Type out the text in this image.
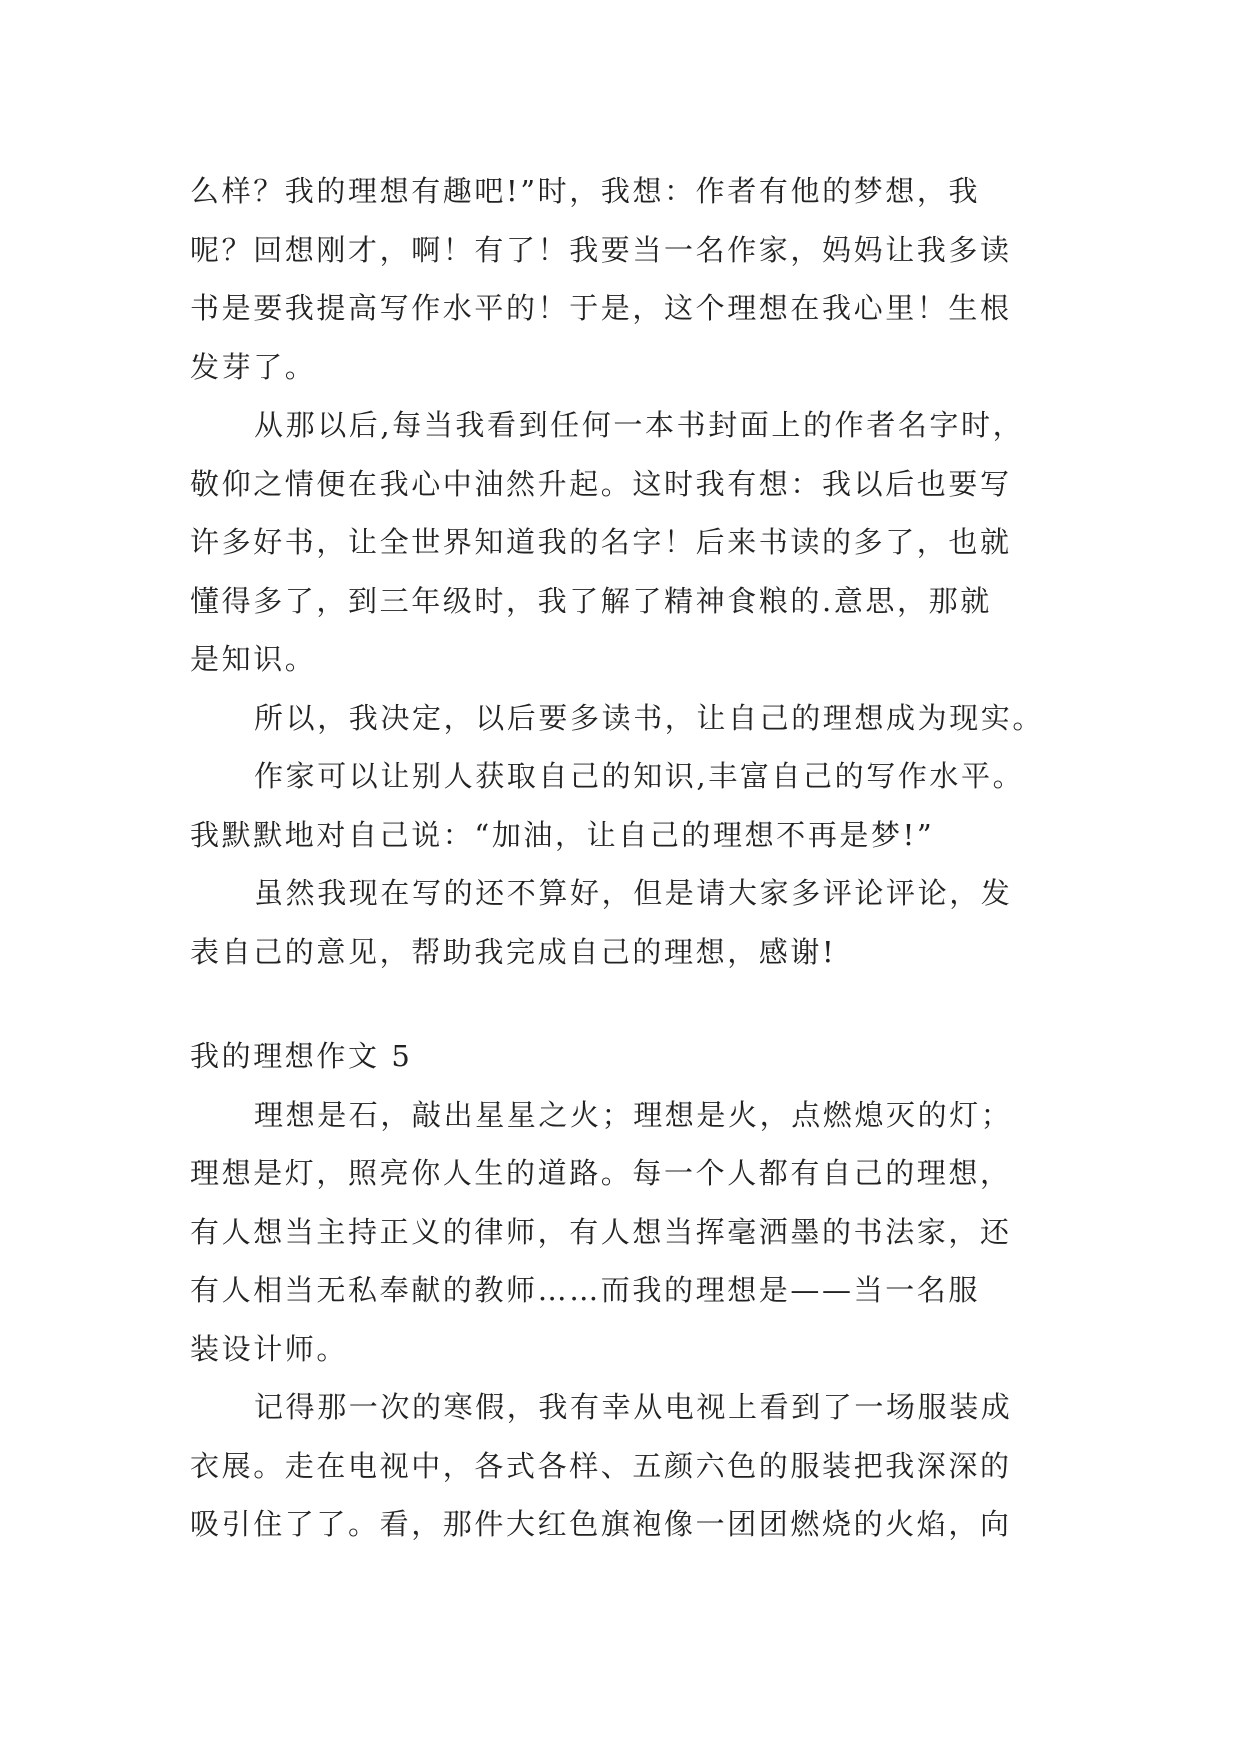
么样？我的理想有趣吧!”时，我想：作者有他的梦想，我
呢？回想刚才，啊！有了！我要当一名作家，妈妈让我多读
书是要我提高写作水平的！于是，这个理想在我心里！生根
发芽了。

从那以后,每当我看到任何一本书封面上的作者名字时，
敬仰之情便在我心中油然升起。这时我有想：我以后也要写
许多好书，让全世界知道我的名字！后来书读的多了，也就
懂得多了，到三年级时，我了解了精神食粮的.意思，那就
是知识。

所以，我决定，以后要多读书，让自己的理想成为现实。

作家可以让别人获取自己的知识,丰富自己的写作水平。
我默默地对自己说：“加油，让自己的理想不再是梦!”

虽然我现在写的还不算好，但是请大家多评论评论，发
表自己的意见，帮助我完成自己的理想，感谢!

我的理想作文 5

理想是石，敲出星星之火；理想是火，点燃熄灭的灯；
理想是灯，照亮你人生的道路。每一个人都有自己的理想，
有人想当主持正义的律师，有人想当挥毫洒墨的书法家，还
有人相当无私奉献的教师……而我的理想是——当一名服
装设计师。

记得那一次的寒假，我有幸从电视上看到了一场服装成
衣展。走在电视中，各式各样、五颜六色的服装把我深深的
吸引住了了。看，那件大红色旗袍像一团团燃烧的火焰，向
